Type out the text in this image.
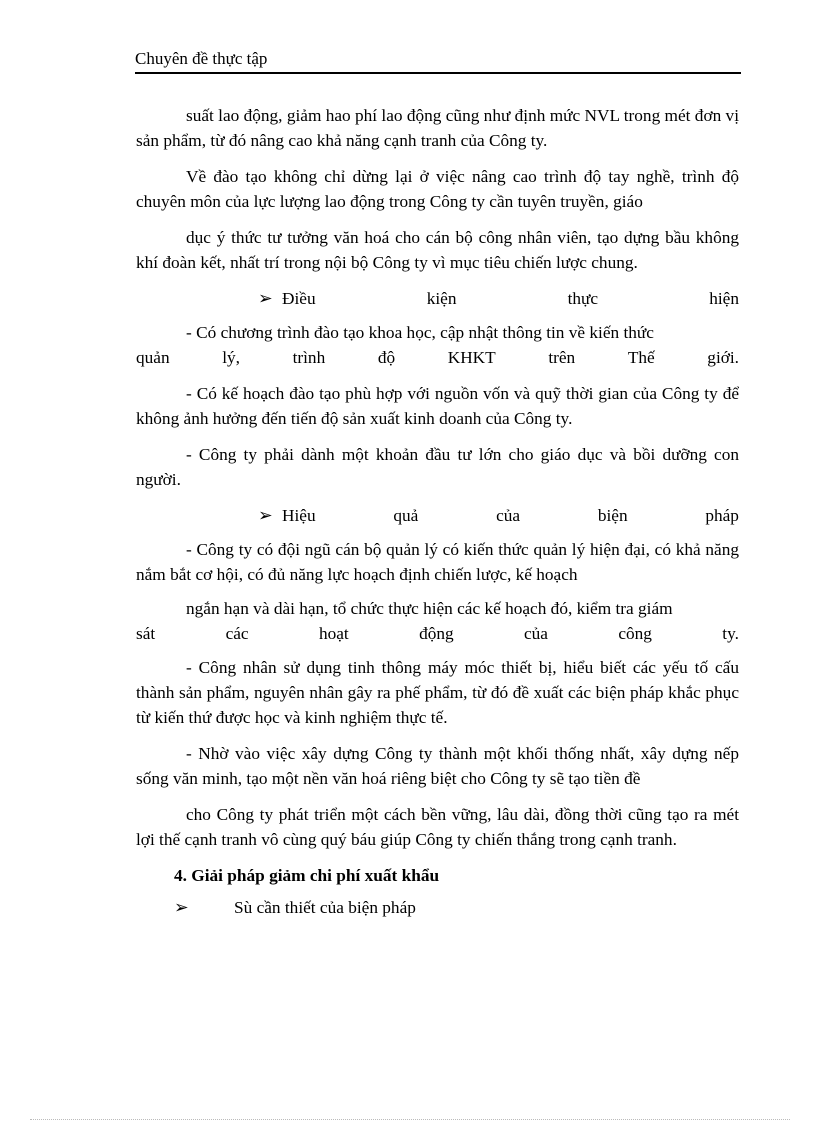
Chuyên đề thực tập

suất lao động, giảm hao phí lao động cũng như định mức NVL trong mét đơn vị sản phẩm, từ đó nâng cao khả năng cạnh tranh của Công ty.

Về đào tạo không chỉ dừng lại ở việc nâng cao trình độ tay nghề, trình độ chuyên môn của lực lượng lao động trong Công ty cần tuyên truyền, giáo

dục ý thức tư tưởng văn hoá cho cán bộ công nhân viên, tạo dựng bầu không khí đoàn kết, nhất trí trong nội bộ Công ty vì mục tiêu chiến lược chung.

➢ Điều	kiện	thực	hiện

- Có chương trình đào tạo khoa học, cập nhật thông tin về kiến thức

quản	lý,	trình	độ	KHKT	trên	Thế	giới.

- Có kế hoạch đào tạo phù hợp với nguồn vốn và quỹ thời gian của Công ty để không ảnh hưởng đến tiến độ sản xuất kinh doanh của Công ty.

- Công ty phải dành một khoản đầu tư lớn cho giáo dục và bồi dưỡng con người.

➢ Hiệu	quả	của	biện	pháp

- Công ty có đội ngũ cán bộ quản lý có kiến thức quản lý hiện đại, có khả năng nắm bắt cơ hội, có đủ năng lực hoạch định chiến lược, kế hoạch

ngắn hạn và dài hạn, tổ chức thực hiện các kế hoạch đó, kiểm tra giám

sát	các	hoạt	động	của	công	ty.

- Công nhân sử dụng tinh thông máy móc thiết bị, hiểu biết các yếu tố cấu thành sản phẩm, nguyên nhân gây ra phế phẩm, từ đó đề xuất các biện pháp khắc phục từ kiến thứ được học và kinh nghiệm thực tế.

- Nhờ vào việc xây dựng Công ty thành một khối thống nhất, xây dựng nếp sống văn minh, tạo một nền văn hoá riêng biệt cho Công ty sẽ tạo tiền đề

cho Công ty phát triển một cách bền vững, lâu dài, đồng thời cũng tạo ra mét lợi thế cạnh tranh vô cùng quý báu giúp Công ty chiến thắng trong cạnh tranh.

4. Giải pháp giảm chi phí xuất khẩu
➢	Sù cần thiết của biện pháp
